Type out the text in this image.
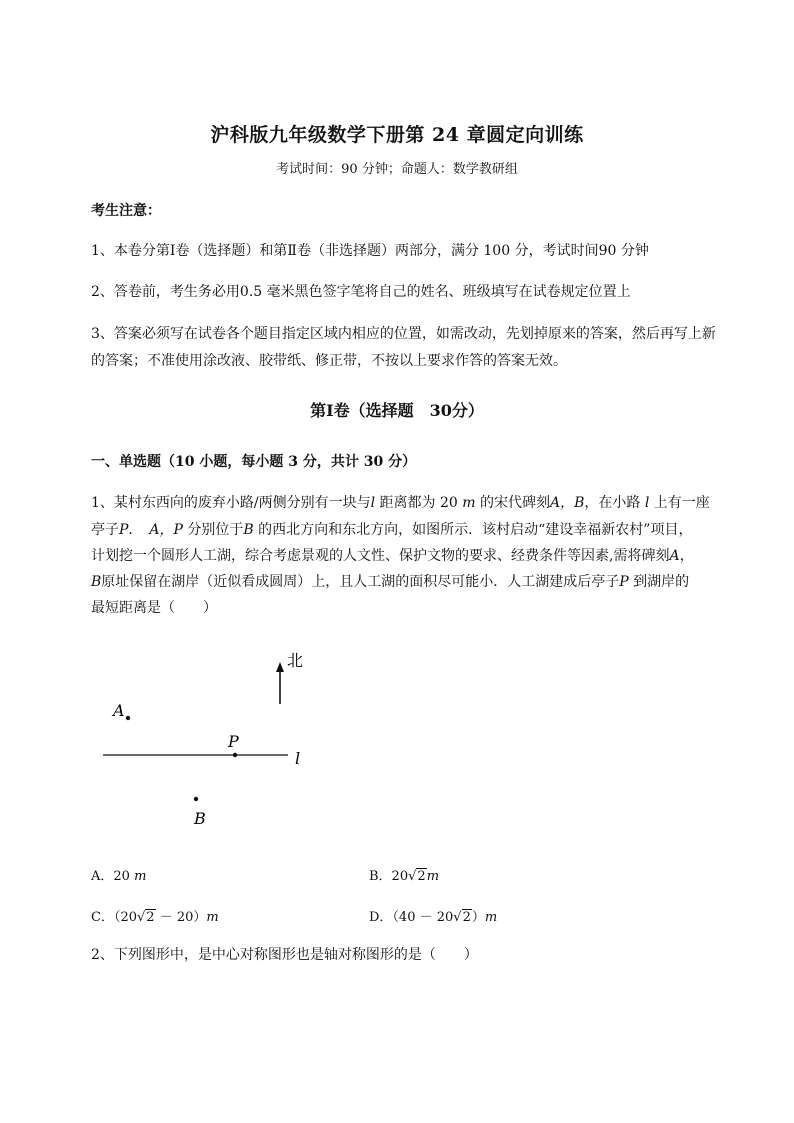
沪科版九年级数学下册第 24 章圆定向训练
考试时间：90 分钟；命题人：数学教研组
考生注意：
1、本卷分第Ⅰ卷（选择题）和第Ⅱ卷（非选择题）两部分，满分 100 分，考试时间90 分钟
2、答卷前，考生务必用0.5 毫米黑色签字笔将自己的姓名、班级填写在试卷规定位置上
3、答案必须写在试卷各个题目指定区域内相应的位置，如需改动，先划掉原来的答案，然后再写上新
的答案；不准使用涂改液、胶带纸、修正带，不按以上要求作答的答案无效。
第Ⅰ卷（选择题　30分）
一、单选题（10 小题，每小题 3 分，共计 30 分）
1、某村东西向的废弃小路/两侧分别有一块与l 距离都为 20 m 的宋代碑刻A，B，在小路 l 上有一座
亭子P．　 A，P 分别位于B 的西北方向和东北方向，如图所示．该村启动“建设幸福新农村”项目，
计划挖一个圆形人工湖，综合考虑景观的人文性、保护文物的要求、经费条件等因素,需将碑刻A，
B原址保留在湖岸（近似看成圆周）上，且人工湖的面积尽可能小．人工湖建成后亭子P 到湖岸的
最短距离是（　　）
北
A
P
l
B
A．20 m	B．20√2m
C．（20√2 － 20）m	D．（40 － 20√2）m
2、下列图形中，是中心对称图形也是轴对称图形的是（　　）
